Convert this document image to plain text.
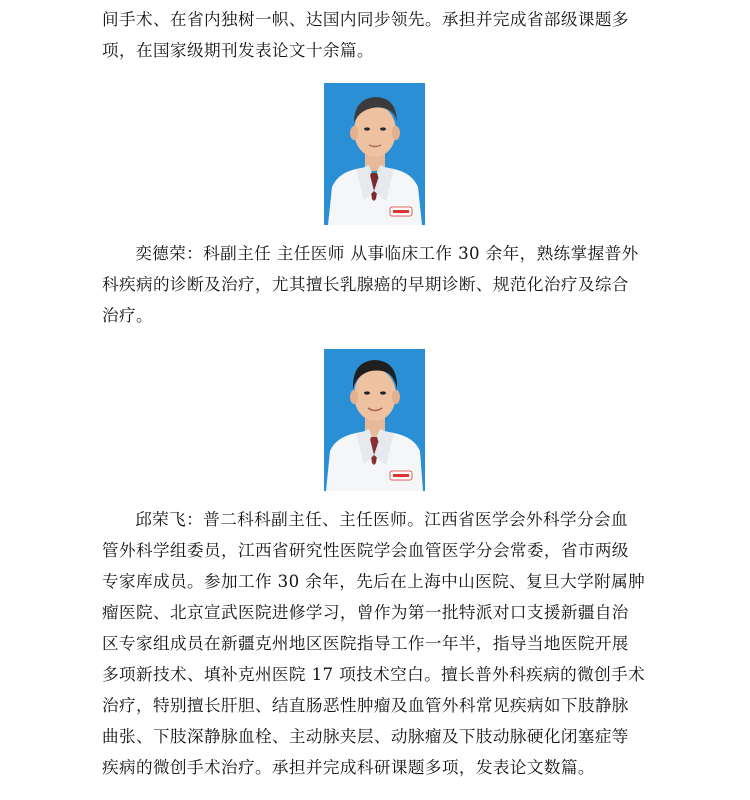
间手术、在省内独树一帜、达国内同步领先。承担并完成省部级课题多
项，在国家级期刊发表论文十余篇。

奕德荣：科副主任 主任医师 从事临床工作 30 余年，熟练掌握普外
科疾病的诊断及治疗，尤其擅长乳腺癌的早期诊断、规范化治疗及综合
治疗。

邱荣飞：普二科科副主任、主任医师。江西省医学会外科学分会血
管外科学组委员，江西省研究性医院学会血管医学分会常委，省市两级
专家库成员。参加工作 30 余年，先后在上海中山医院、复旦大学附属肿
瘤医院、北京宣武医院进修学习，曾作为第一批特派对口支援新疆自治
区专家组成员在新疆克州地区医院指导工作一年半，指导当地医院开展
多项新技术、填补克州医院 17 项技术空白。擅长普外科疾病的微创手术
治疗，特别擅长肝胆、结直肠恶性肿瘤及血管外科常见疾病如下肢静脉
曲张、下肢深静脉血栓、主动脉夹层、动脉瘤及下肢动脉硬化闭塞症等
疾病的微创手术治疗。承担并完成科研课题多项，发表论文数篇。
